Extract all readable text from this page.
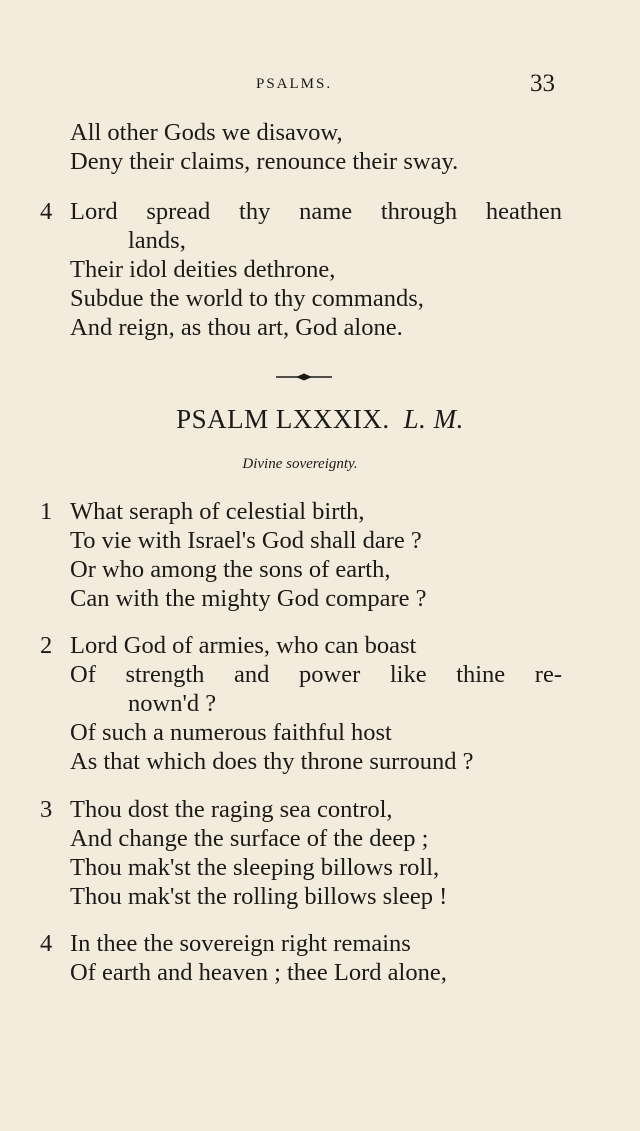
PSALMS.	33
All other Gods we disavow,
Deny their claims, renounce their sway.
4 Lord spread thy name through heathen
lands,
Their idol deities dethrone,
Subdue the world to thy commands,
And reign, as thou art, God alone.
PSALM LXXXIX. L. M.
Divine sovereignty.
1 What seraph of celestial birth,
To vie with Israel's God shall dare ?
Or who among the sons of earth,
Can with the mighty God compare ?
2 Lord God of armies, who can boast
Of strength and power like thine re-
nown'd ?
Of such a numerous faithful host
As that which does thy throne surround ?
3 Thou dost the raging sea control,
And change the surface of the deep ;
Thou mak'st the sleeping billows roll,
Thou mak'st the rolling billows sleep !
4 In thee the sovereign right remains
Of earth and heaven ; thee Lord alone,
